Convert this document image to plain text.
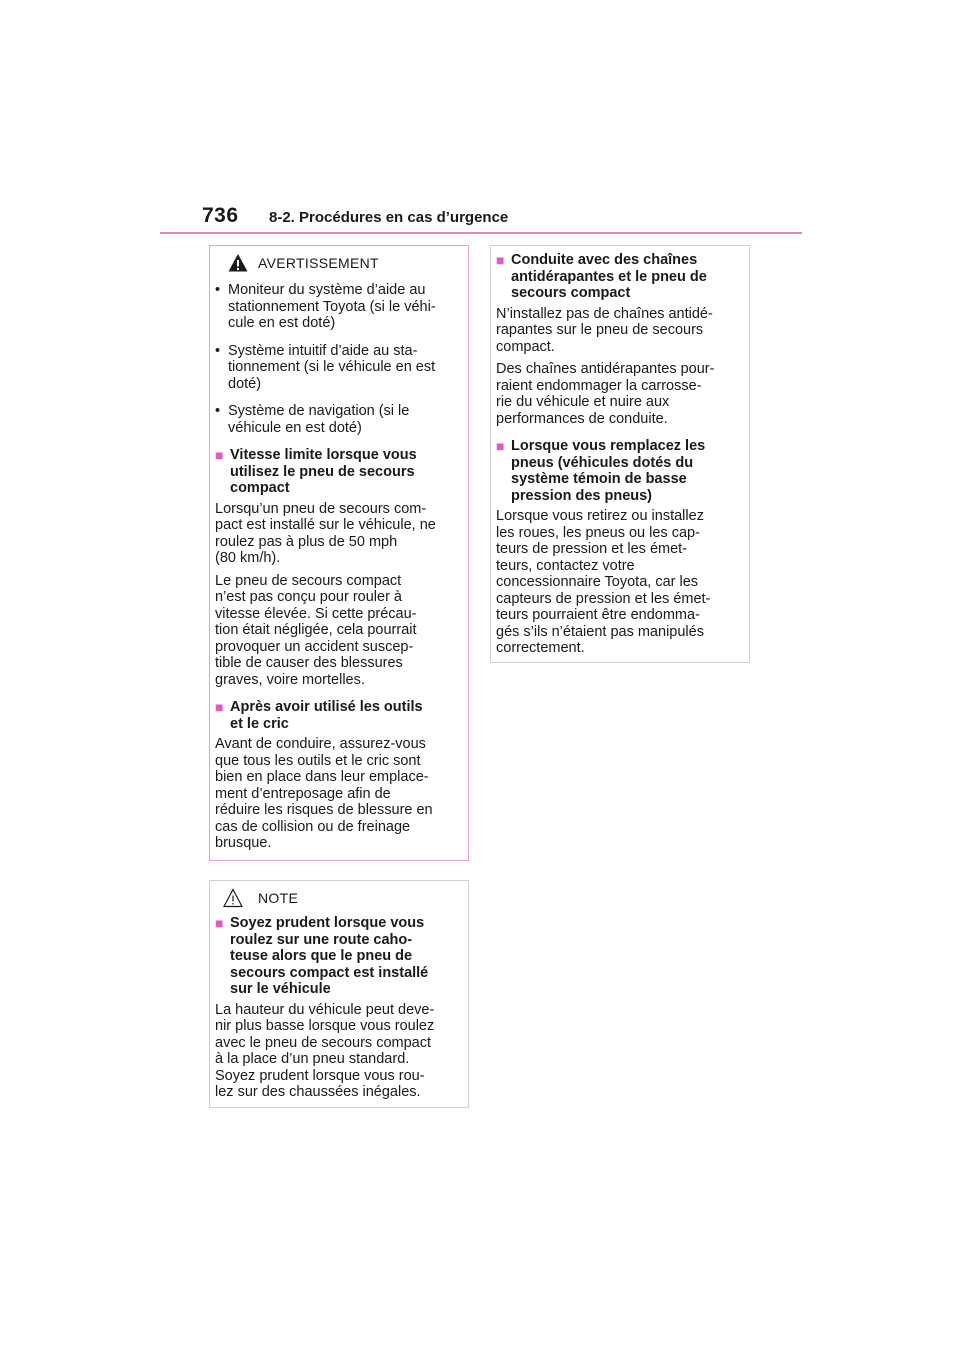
736 8-2. Procédures en cas d’urgence
AVERTISSEMENT
• Moniteur du système d’aide au
stationnement Toyota (si le véhi-
cule en est doté)
• Système intuitif d’aide au sta-
tionnement (si le véhicule en est
doté)
• Système de navigation (si le
véhicule en est doté)
■ Vitesse limite lorsque vous
utilisez le pneu de secours
compact

Lorsqu’un pneu de secours com-
pact est installé sur le véhicule, ne
roulez pas à plus de 50 mph
(80 km/h).

Le pneu de secours compact
n’est pas conçu pour rouler à
vitesse élevée. Si cette précau-
tion était négligée, cela pourrait
provoquer un accident suscep-
tible de causer des blessures
graves, voire mortelles.

■ Après avoir utilisé les outils
et le cric

Avant de conduire, assurez-vous
que tous les outils et le cric sont
bien en place dans leur emplace-
ment d’entreposage afin de
réduire les risques de blessure en
cas de collision ou de freinage
brusque.

NOTE
■ Soyez prudent lorsque vous
roulez sur une route caho-
teuse alors que le pneu de
secours compact est installé
sur le véhicule

La hauteur du véhicule peut deve-
nir plus basse lorsque vous roulez
avec le pneu de secours compact
à la place d’un pneu standard.
Soyez prudent lorsque vous rou-
lez sur des chaussées inégales.

■ Conduite avec des chaînes
antidérapantes et le pneu de
secours compact

N’installez pas de chaînes antidé-
rapantes sur le pneu de secours
compact.

Des chaînes antidérapantes pour-
raient endommager la carrosse-
rie du véhicule et nuire aux
performances de conduite.

■ Lorsque vous remplacez les
pneus (véhicules dotés du
système témoin de basse
pression des pneus)

Lorsque vous retirez ou installez
les roues, les pneus ou les cap-
teurs de pression et les émet-
teurs, contactez votre
concessionnaire Toyota, car les
capteurs de pression et les émet-
teurs pourraient être endomma-
gés s’ils n’étaient pas manipulés
correctement.
